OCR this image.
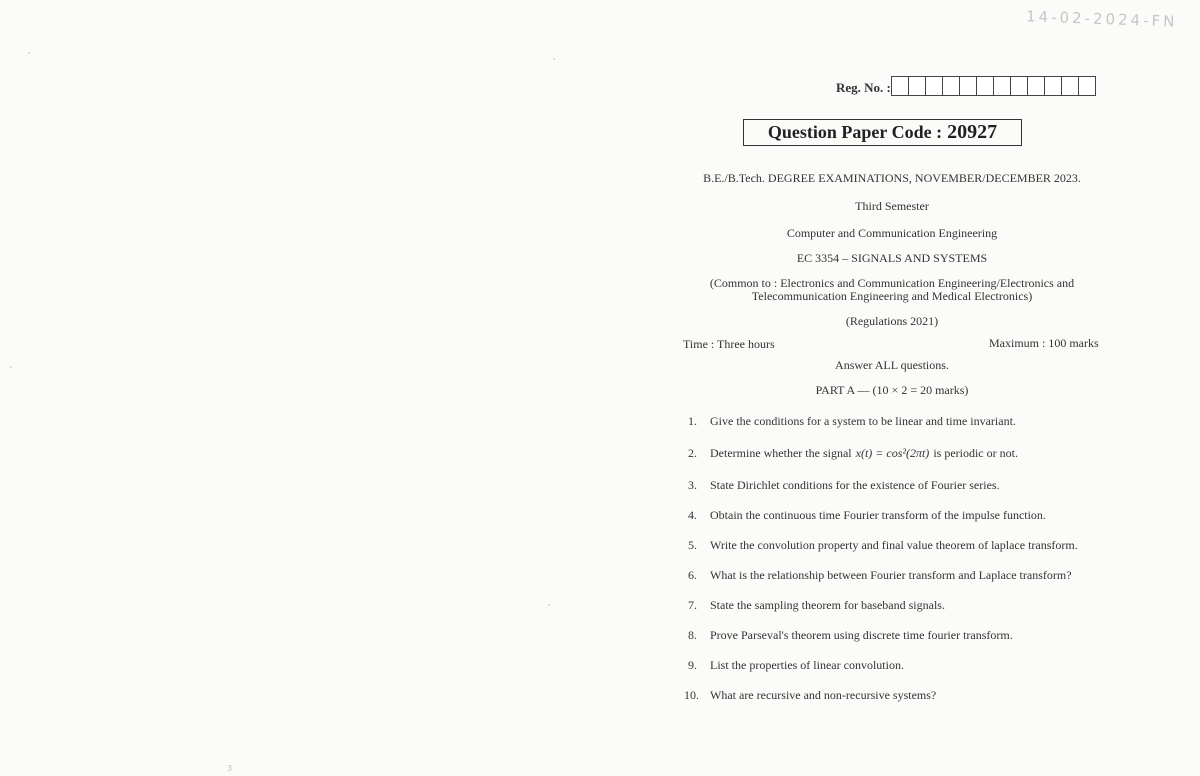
14-02-2024-FN
Reg. No. :
Question Paper Code : 20927
B.E./B.Tech. DEGREE EXAMINATIONS, NOVEMBER/DECEMBER 2023.
Third Semester
Computer and Communication Engineering
EC 3354 – SIGNALS AND SYSTEMS
(Common to : Electronics and Communication Engineering/Electronics and
Telecommunication Engineering and Medical Electronics)
(Regulations 2021)
Time : Three hours	Maximum : 100 marks
Answer ALL questions.
PART A — (10 × 2 = 20 marks)
1. Give the conditions for a system to be linear and time invariant.
2. Determine whether the signal x(t) = cos²(2πt) is periodic or not.
3. State Dirichlet conditions for the existence of Fourier series.
4. Obtain the continuous time Fourier transform of the impulse function.
5. Write the convolution property and final value theorem of laplace transform.
6. What is the relationship between Fourier transform and Laplace transform?
7. State the sampling theorem for baseband signals.
8. Prove Parseval's theorem using discrete time fourier transform.
9. List the properties of linear convolution.
10. What are recursive and non-recursive systems?
3
